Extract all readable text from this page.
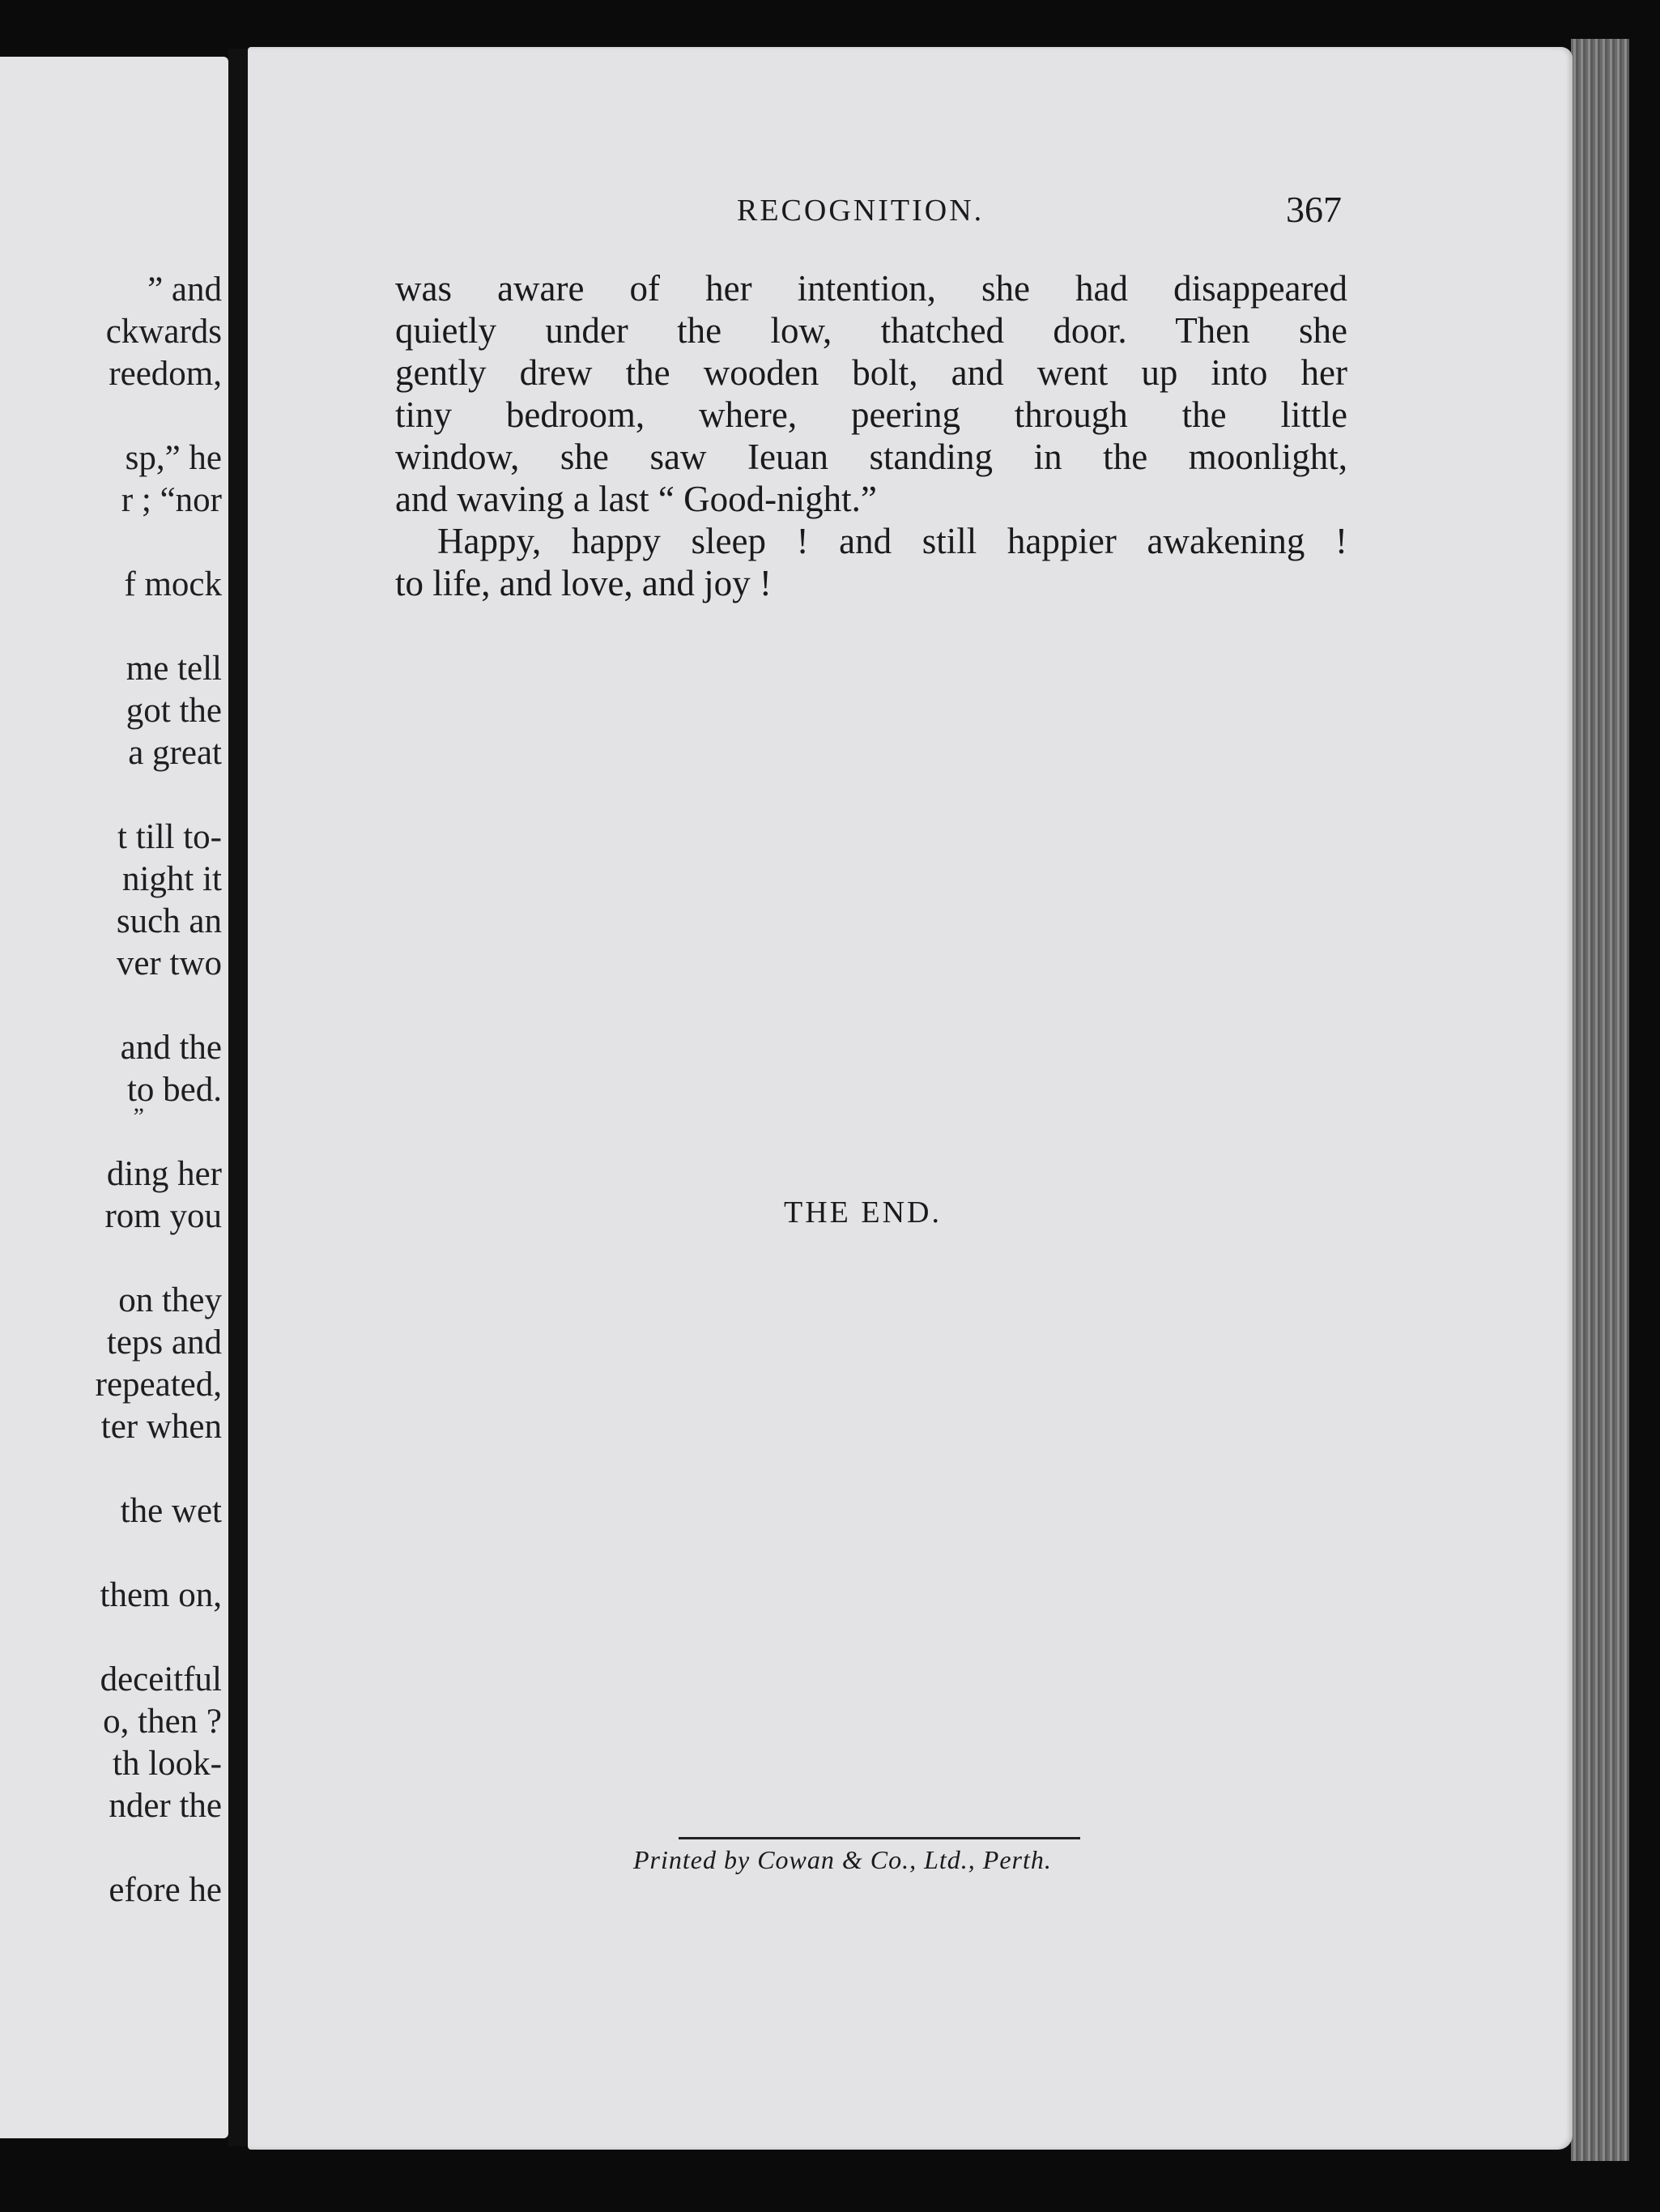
” and
ckwards
reedom,
sp,” he
r ; “nor
f mock
me tell
got the
a great
t till to-
night it
such an
ver two
and the
to bed.
”
ding her
rom you
on they
teps and
repeated,
ter when
the wet
them on,
deceitful
o, then ?
th look-
nder the
efore he
RECOGNITION.	367
was aware of her intention, she had disappeared
quietly under the low, thatched door. Then she
gently drew the wooden bolt, and went up into her
tiny bedroom, where, peering through the little
window, she saw Ieuan standing in the moonlight,
and waving a last “ Good-night.”
Happy, happy sleep ! and still happier awakening !
to life, and love, and joy !
THE END.
Printed by Cowan & Co., Ltd., Perth.
